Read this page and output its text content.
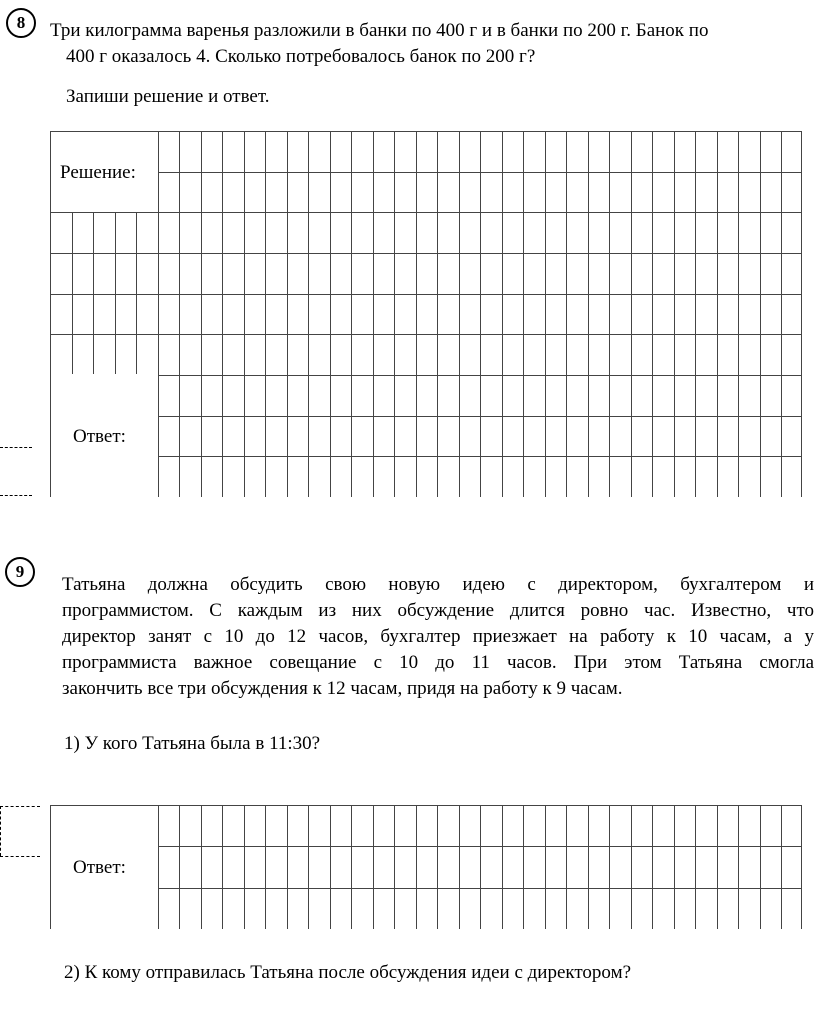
8 Три килограмма варенья разложили в банки по 400 г и в банки по 200 г. Банок по
400 г оказалось 4. Сколько потребовалось банок по 200 г?
Запиши решение и ответ.
Решение:
Ответ:
9
Татьяна должна обсудить свою новую идею с директором, бухгалтером и
программистом. С каждым из них обсуждение длится ровно час. Известно, что
директор занят с 10 до 12 часов, бухгалтер приезжает на работу к 10 часам, а у
программиста важное совещание с 10 до 11 часов. При этом Татьяна смогла
закончить все три обсуждения к 12 часам, придя на работу к 9 часам.
1) У кого Татьяна была в 11:30?
Ответ:
2) К кому отправилась Татьяна после обсуждения идеи с директором?
